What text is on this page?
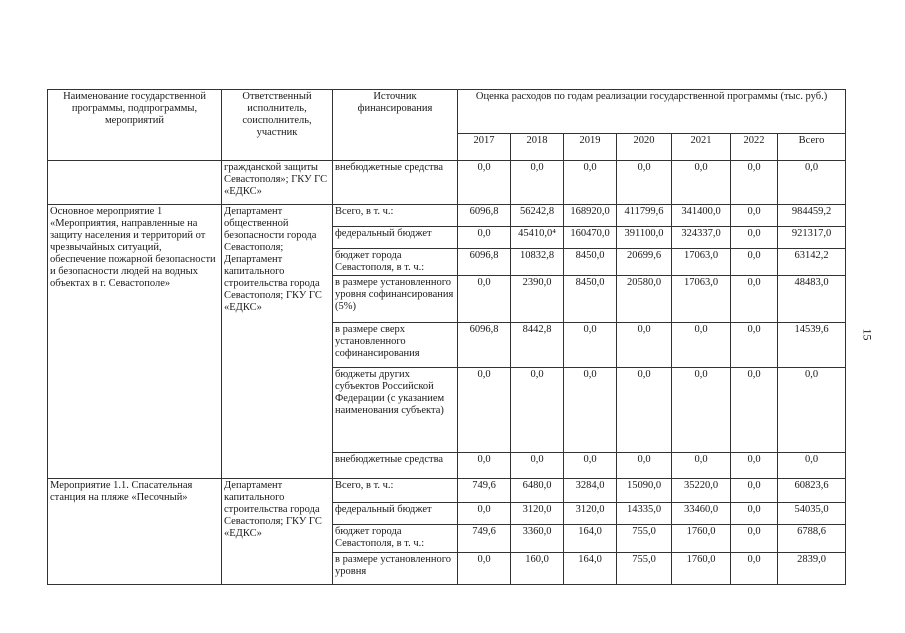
Наименование государственной программы, подпрограммы, мероприятий	Ответственный исполнитель, соисполнитель, участник	Источник финансирования	Оценка расходов по годам реализации государственной программы (тыс. руб.)						
			2017	2018	2019	2020	2021	2022	Всего
	гражданской защиты Севастополя»; ГКУ ГС «ЕДКС»	внебюджетные средства	0,0	0,0	0,0	0,0	0,0	0,0	0,0
Основное мероприятие 1 «Мероприятия, направленные на защиту населения и территорий от чрезвычайных ситуаций, обеспечение пожарной безопасности и безопасности людей на водных объектах в г. Севастополе»	Департамент общественной безопасности города Севастополя; Департамент капитального строительства города Севастополя; ГКУ ГС «ЕДКС»	Всего, в т. ч.:	6096,8	56242,8	168920,0	411799,6	341400,0	0,0	984459,2
		федеральный бюджет	0,0	45410,0⁴	160470,0	391100,0	324337,0	0,0	921317,0
		бюджет города Севастополя, в т. ч.:	6096,8	10832,8	8450,0	20699,6	17063,0	0,0	63142,2
		в размере установленного уровня софинансирования (5%)	0,0	2390,0	8450,0	20580,0	17063,0	0,0	48483,0
		в размере сверх установленного софинансирования	6096,8	8442,8	0,0	0,0	0,0	0,0	14539,6
		бюджеты других субъектов Российской Федерации (с указанием наименования субъекта)	0,0	0,0	0,0	0,0	0,0	0,0	0,0
		внебюджетные средства	0,0	0,0	0,0	0,0	0,0	0,0	0,0
Мероприятие 1.1. Спасательная станция на пляже «Песочный»	Департамент капитального строительства города Севастополя; ГКУ ГС «ЕДКС»	Всего, в т. ч.:	749,6	6480,0	3284,0	15090,0	35220,0	0,0	60823,6
		федеральный бюджет	0,0	3120,0	3120,0	14335,0	33460,0	0,0	54035,0
		бюджет города Севастополя, в т. ч.:	749,6	3360,0	164,0	755,0	1760,0	0,0	6788,6
		в размере установленного уровня	0,0	160,0	164,0	755,0	1760,0	0,0	2839,0
15
